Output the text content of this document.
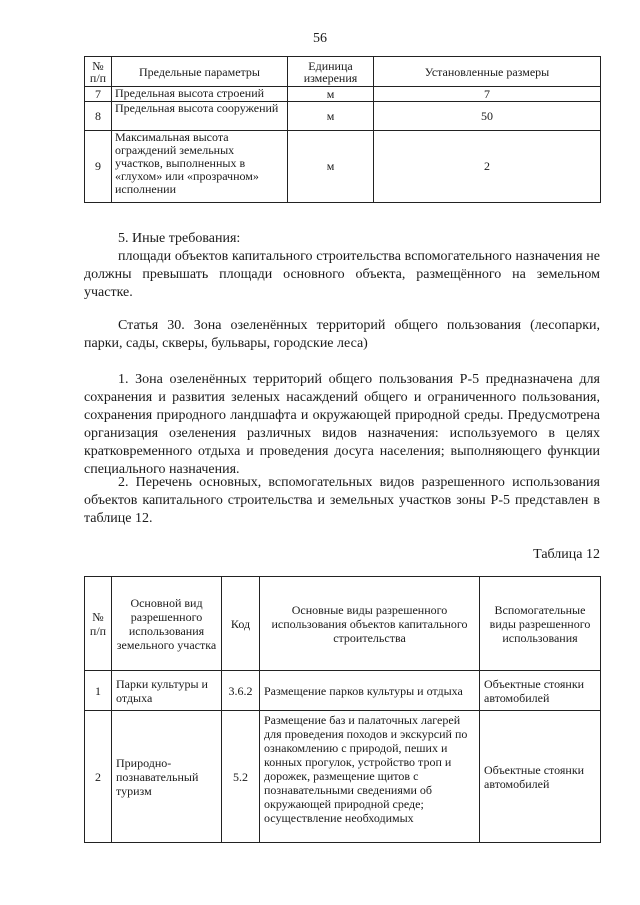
56
№ п/п	Предельные параметры	Единица измерения	Установленные размеры
7	Предельная высота строений	м	7
8	Предельная высота сооружений	м	50
9	Максимальная высота ограждений земельных участков, выполненных в «глухом» или «прозрачном» исполнении	м	2

5. Иные требования:

площади объектов капитального строительства вспомогательного назначения не должны превышать площади основного объекта, размещённого на земельном участке.

Статья 30. Зона озеленённых территорий общего пользования (лесопарки, парки, сады, скверы, бульвары, городские леса)

1. Зона озеленённых территорий общего пользования Р-5 предназначена для сохранения и развития зеленых насаждений общего и ограниченного пользования, сохранения природного ландшафта и окружающей природной среды. Предусмотрена организация озеленения различных видов назначения: используемого в целях кратковременного отдыха и проведения досуга населения; выполняющего функции специального назначения.

2. Перечень основных, вспомогательных видов разрешенного использования объектов капитального строительства и земельных участков зоны Р-5 представлен в таблице 12.

Таблица 12
№ п/п	Основной вид разрешенного использования земельного участка	Код	Основные виды разрешенного использования объектов капитального строительства	Вспомогательные виды разрешенного использования
1	Парки культуры и отдыха	3.6.2	Размещение парков культуры и отдыха	Объектные стоянки автомобилей
2	Природно-познавательный туризм	5.2	Размещение баз и палаточных лагерей для проведения походов и экскурсий по ознакомлению с природой, пеших и конных прогулок, устройство троп и дорожек, размещение щитов с познавательными сведениями об окружающей природной среде; осуществление необходимых	Объектные стоянки автомобилей
